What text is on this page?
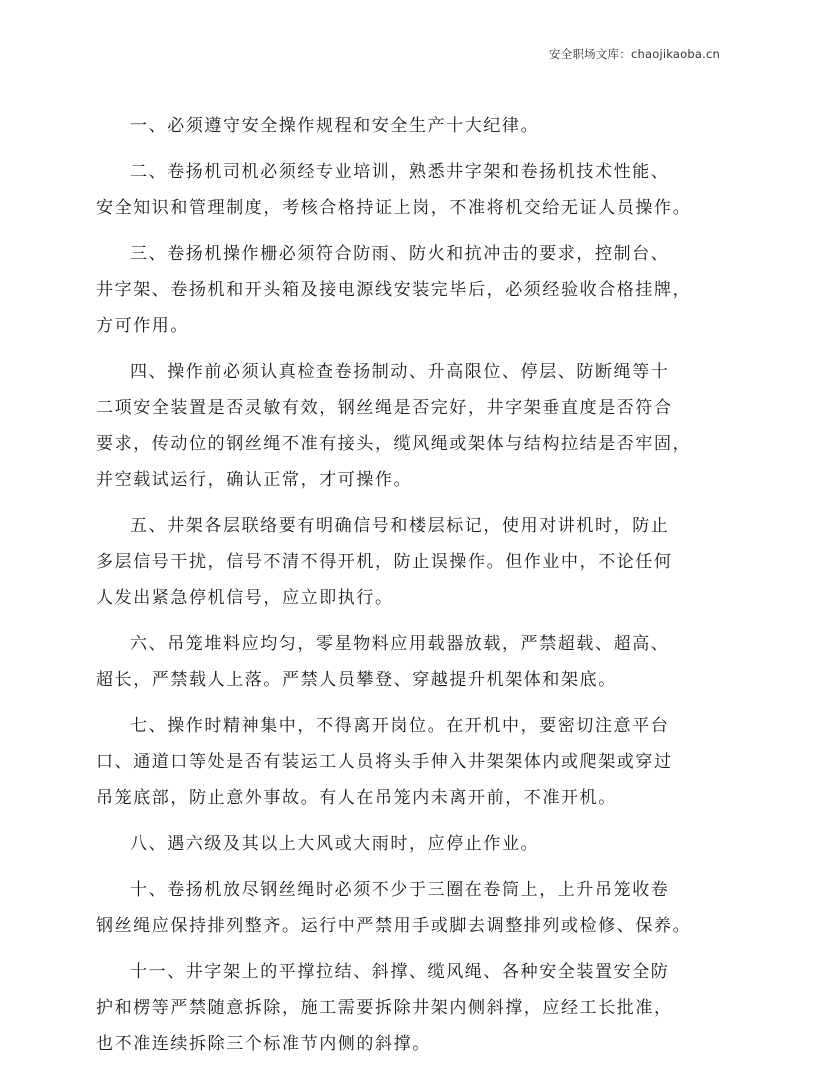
安全职场文库：chaojikaoba.cn

一、必须遵守安全操作规程和安全生产十大纪律。

二、卷扬机司机必须经专业培训，熟悉井字架和卷扬机技术性能、
安全知识和管理制度，考核合格持证上岗，不准将机交给无证人员操作。

三、卷扬机操作栅必须符合防雨、防火和抗冲击的要求，控制台、
井字架、卷扬机和开头箱及接电源线安装完毕后，必须经验收合格挂牌，
方可作用。

四、操作前必须认真检查卷扬制动、升高限位、停层、防断绳等十
二项安全装置是否灵敏有效，钢丝绳是否完好，井字架垂直度是否符合
要求，传动位的钢丝绳不准有接头，缆风绳或架体与结构拉结是否牢固，
并空载试运行，确认正常，才可操作。

五、井架各层联络要有明确信号和楼层标记，使用对讲机时，防止
多层信号干扰，信号不清不得开机，防止误操作。但作业中，不论任何
人发出紧急停机信号，应立即执行。

六、吊笼堆料应均匀，零星物料应用载器放载，严禁超载、超高、
超长，严禁载人上落。严禁人员攀登、穿越提升机架体和架底。

七、操作时精神集中，不得离开岗位。在开机中，要密切注意平台
口、通道口等处是否有装运工人员将头手伸入井架架体内或爬架或穿过
吊笼底部，防止意外事故。有人在吊笼内未离开前，不准开机。

八、遇六级及其以上大风或大雨时，应停止作业。

十、卷扬机放尽钢丝绳时必须不少于三圈在卷筒上，上升吊笼收卷
钢丝绳应保持排列整齐。运行中严禁用手或脚去调整排列或检修、保养。

十一、井字架上的平撑拉结、斜撑、缆风绳、各种安全装置安全防
护和楞等严禁随意拆除，施工需要拆除井架内侧斜撑，应经工长批准，
也不准连续拆除三个标准节内侧的斜撑。
